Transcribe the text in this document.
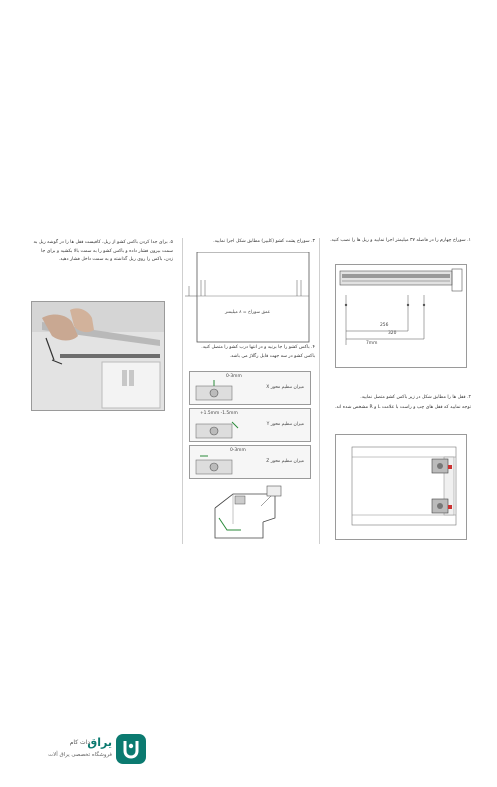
۵. برای جدا کردن باکس کشو از ریل، کافیست قفل ها را در گوشه ریل به سمت بیرون فشار داده و باکس کشو را به سمت بالا بکشید و برای جا زدن، باکس را روی ریل گذاشته و به سمت داخل فشار دهید.
۳. سوراخ پشت کشو (کلیپر) مطابق شکل اجرا نمایید.
عمق سوراخ = ۸ میلیمتر
۴. باکس کشو را جا بزنید و در انتها درب کشو را متصل کنید.
باکس کشو در سه جهت قابل رگلاژ می باشد.
0-3mm
میزان تنظیم محور X
+1.5mm -1.5mm
میزان تنظیم محور Y
0-3mm
میزان تنظیم محور Z
۱. سوراخ چهارم را در فاصله ۳۷ میلیمتر اجرا نمایید و ریل ها را نصب کنید.
256
320
7mm
۲. قفل ها را مطابق شکل در زیر باکس کشو متصل نمایید.
توجه نمایید که قفل های چپ و راست با علامت L و R مشخص شده اند.
یراق
دات کام
فروشگاه تخصصی یراق آلات
